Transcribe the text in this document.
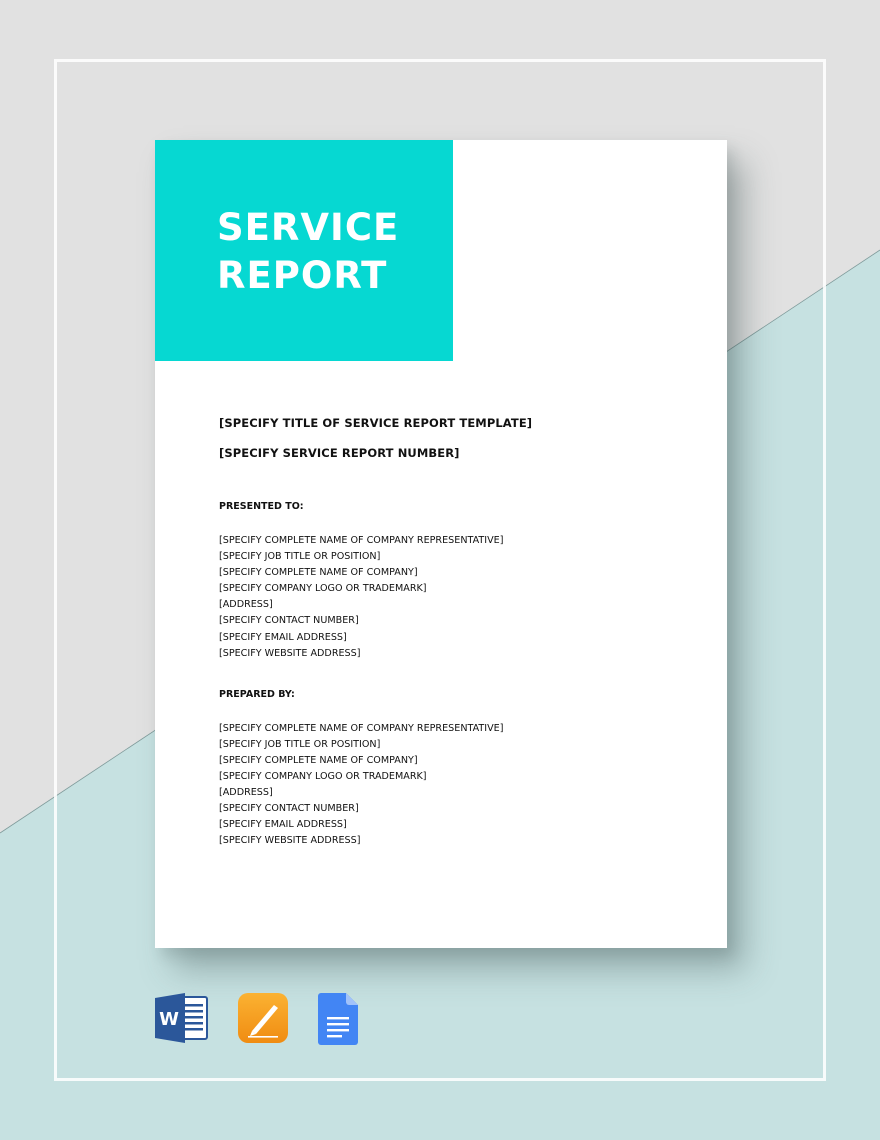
SERVICE
REPORT

[SPECIFY TITLE OF SERVICE REPORT TEMPLATE]

[SPECIFY SERVICE REPORT NUMBER]

PRESENTED TO:
[SPECIFY COMPLETE NAME OF COMPANY REPRESENTATIVE]
[SPECIFY JOB TITLE OR POSITION]
[SPECIFY COMPLETE NAME OF COMPANY]
[SPECIFY COMPANY LOGO OR TRADEMARK]
[ADDRESS]
[SPECIFY CONTACT NUMBER]
[SPECIFY EMAIL ADDRESS]
[SPECIFY WEBSITE ADDRESS]
PREPARED BY:
[SPECIFY COMPLETE NAME OF COMPANY REPRESENTATIVE]
[SPECIFY JOB TITLE OR POSITION]
[SPECIFY COMPLETE NAME OF COMPANY]
[SPECIFY COMPANY LOGO OR TRADEMARK]
[ADDRESS]
[SPECIFY CONTACT NUMBER]
[SPECIFY EMAIL ADDRESS]
[SPECIFY WEBSITE ADDRESS]
W
